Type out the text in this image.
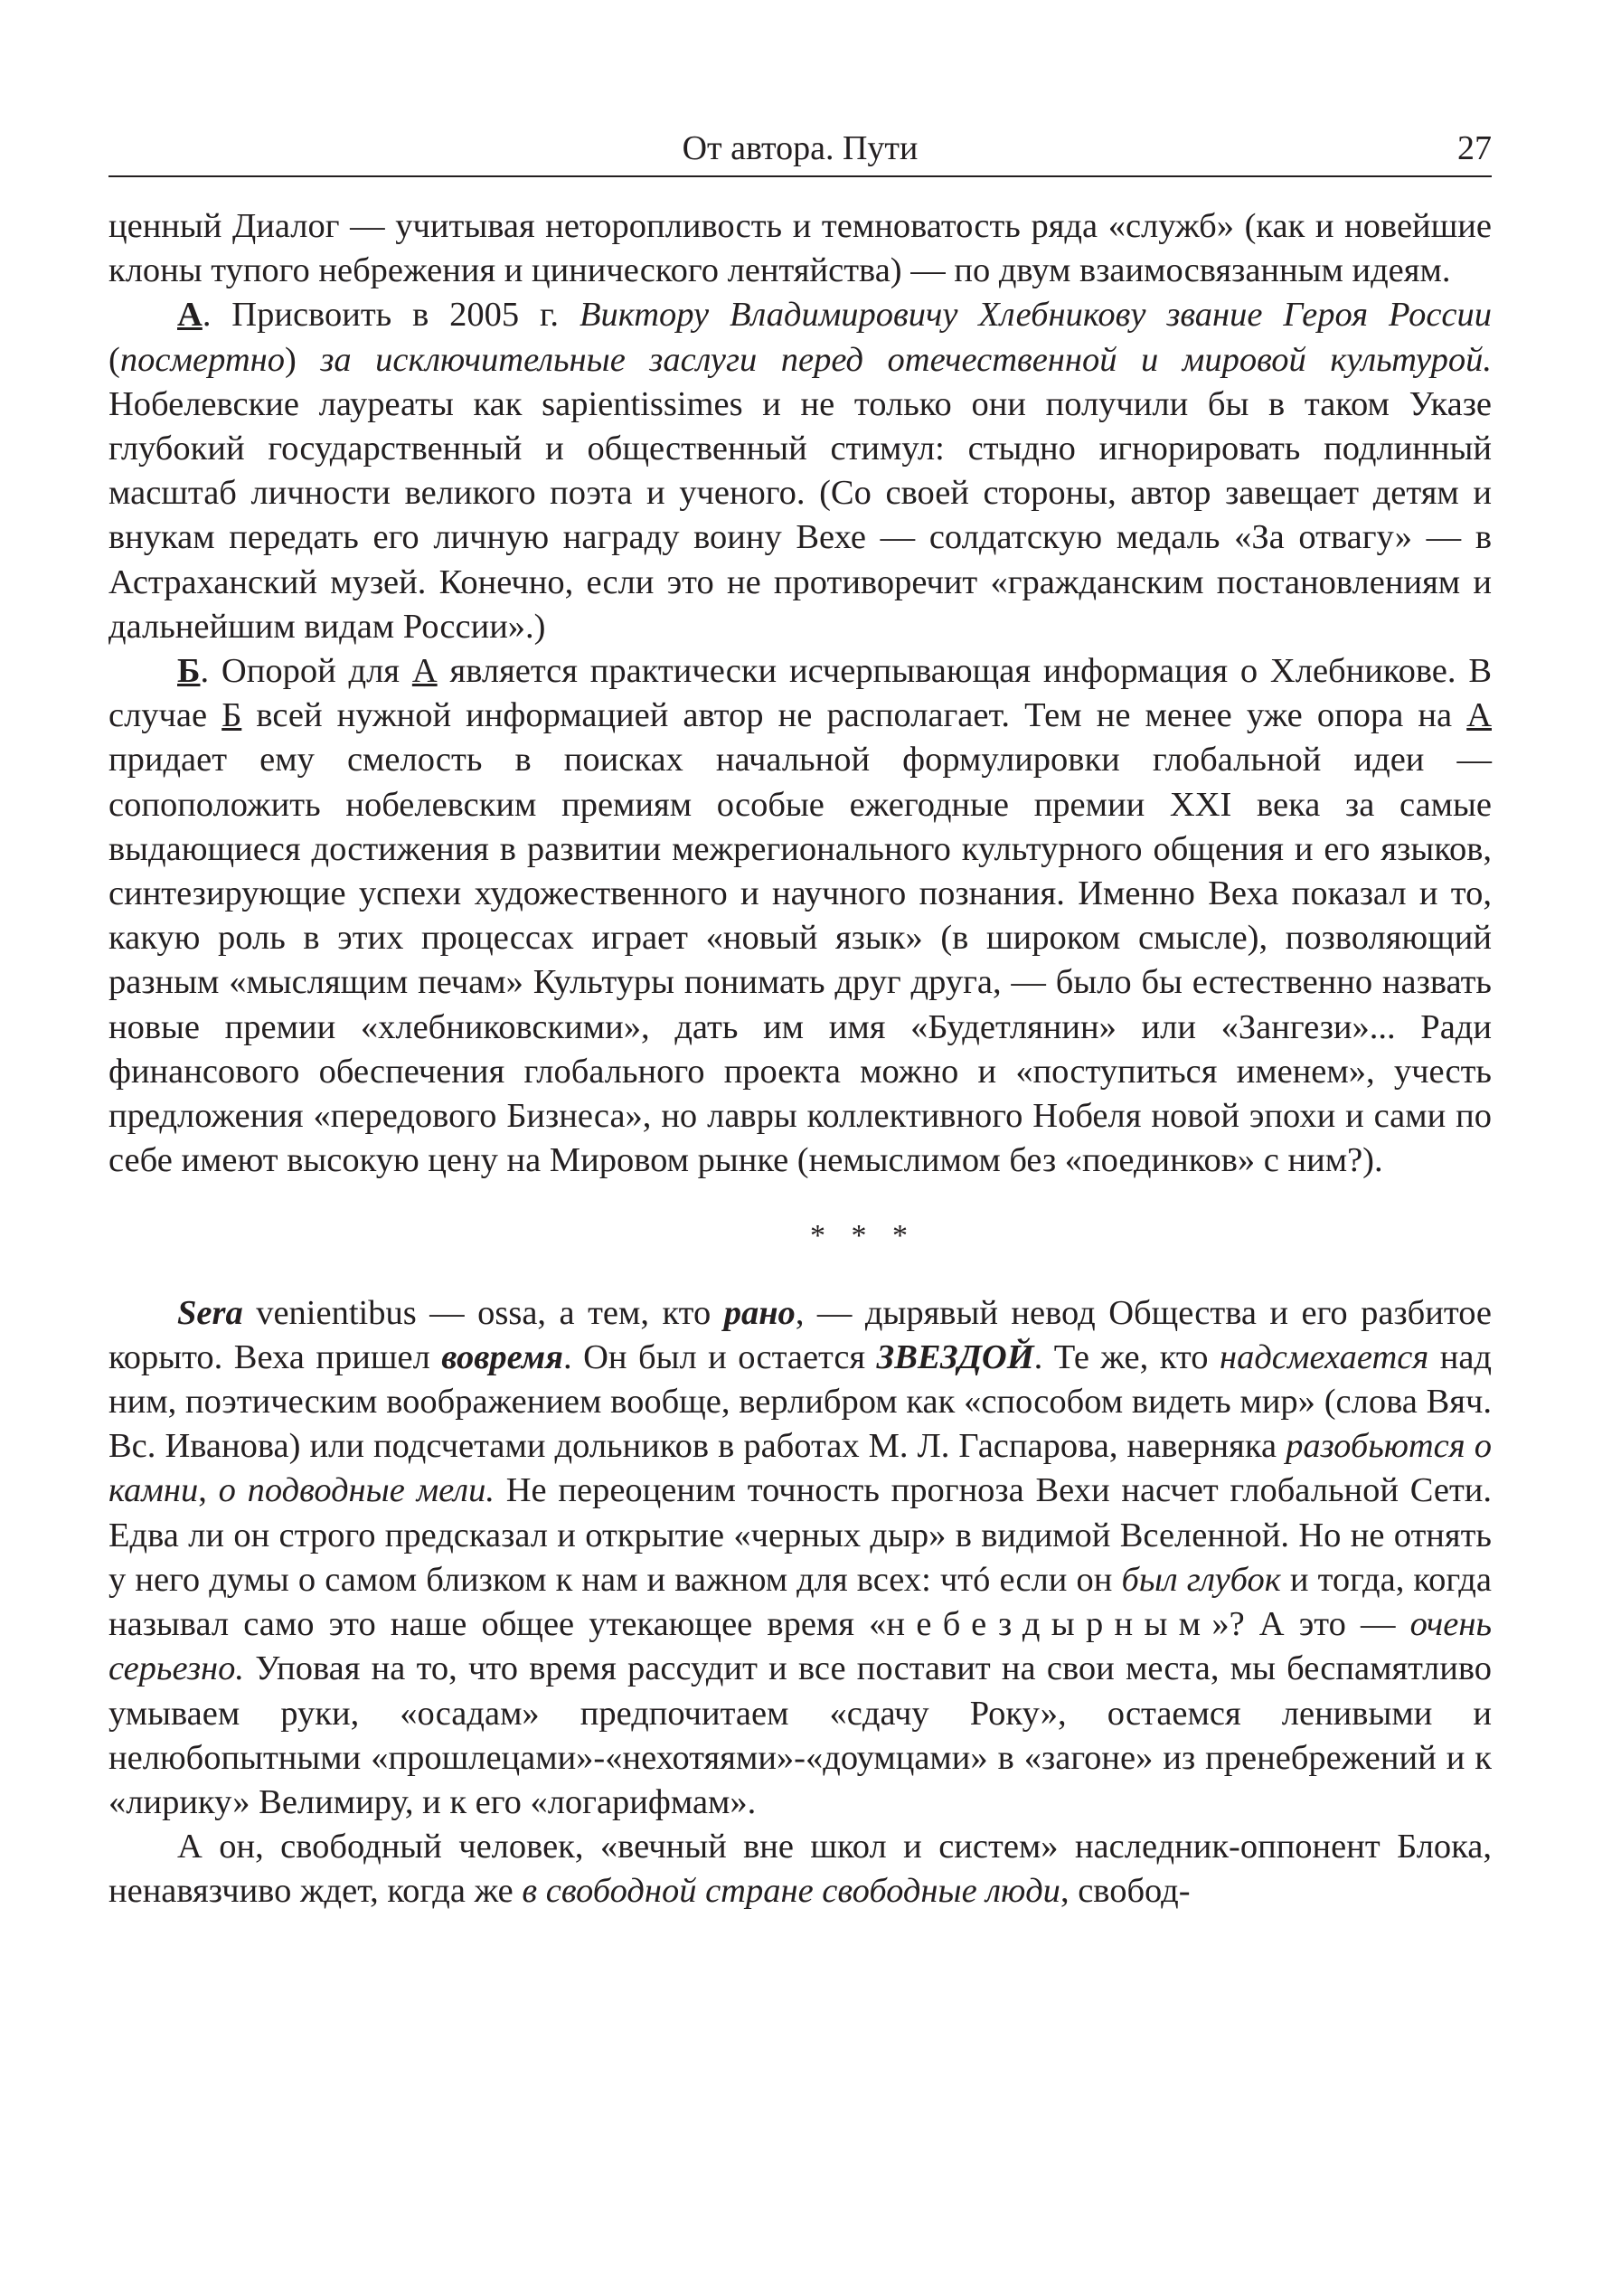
От автора. Пути	27

ценный Диалог — учитывая неторопливость и темноватость ряда «служб» (как и новейшие клоны тупого небрежения и цинического лентяйства) — по двум взаимосвязанным идеям.

А. Присвоить в 2005 г. Виктору Владимировичу Хлебникову звание Героя России (посмертно) за исключительные заслуги перед отечественной и мировой культурой. Нобелевские лауреаты как sapientissimes и не только они получили бы в таком Указе глубокий государственный и общественный стимул: стыдно игнорировать подлинный масштаб личности великого поэта и ученого. (Со своей стороны, автор завещает детям и внукам передать его личную награду воину Вехе — солдатскую медаль «За отвагу» — в Астраханский музей. Конечно, если это не противоречит «гражданским постановлениям и дальнейшим видам России».)

Б. Опорой для А является практически исчерпывающая информация о Хлебникове. В случае Б всей нужной информацией автор не располагает. Тем не менее уже опора на А придает ему смелость в поисках начальной формулировки глобальной идеи — сопоположить нобелевским премиям особые ежегодные премии XXI века за самые выдающиеся достижения в развитии межрегионального культурного общения и его языков, синтезирующие успехи художественного и научного познания. Именно Веха показал и то, какую роль в этих процессах играет «новый язык» (в широком смысле), позволяющий разным «мыслящим печам» Культуры понимать друг друга, — было бы естественно назвать новые премии «хлебниковскими», дать им имя «Будетлянин» или «Зангези»... Ради финансового обеспечения глобального проекта можно и «поступиться именем», учесть предложения «передового Бизнеса», но лавры коллективного Нобеля новой эпохи и сами по себе имеют высокую цену на Мировом рынке (немыслимом без «поединков» с ним?).

* * *

Sera venientibus — ossa, а тем, кто рано, — дырявый невод Общества и его разбитое корыто. Веха пришел вовремя. Он был и остается ЗВЕЗДОЙ. Те же, кто надсмехается над ним, поэтическим воображением вообще, верлибром как «способом видеть мир» (слова Вяч. Вс. Иванова) или подсчетами дольников в работах М. Л. Гаспарова, наверняка разобьются о камни, о подводные мели. Не переоценим точность прогноза Вехи насчет глобальной Сети. Едва ли он строго предсказал и открытие «черных дыр» в видимой Вселенной. Но не отнять у него думы о самом близком к нам и важном для всех: чтó если он был глубок и тогда, когда называл само это наше общее утекающее время «небездырным»? А это — очень серьезно. Уповая на то, что время рассудит и все поставит на свои места, мы беспамятливо умываем руки, «осадам» предпочитаем «сдачу Року», остаемся ленивыми и нелюбопытными «прошлецами»-«нехотяями»-«доумцами» в «загоне» из пренебрежений и к «лирику» Велимиру, и к его «логарифмам».

А он, свободный человек, «вечный вне школ и систем» наследник-оппонент Блока, ненавязчиво ждет, когда же в свободной стране свободные люди, свобод-
